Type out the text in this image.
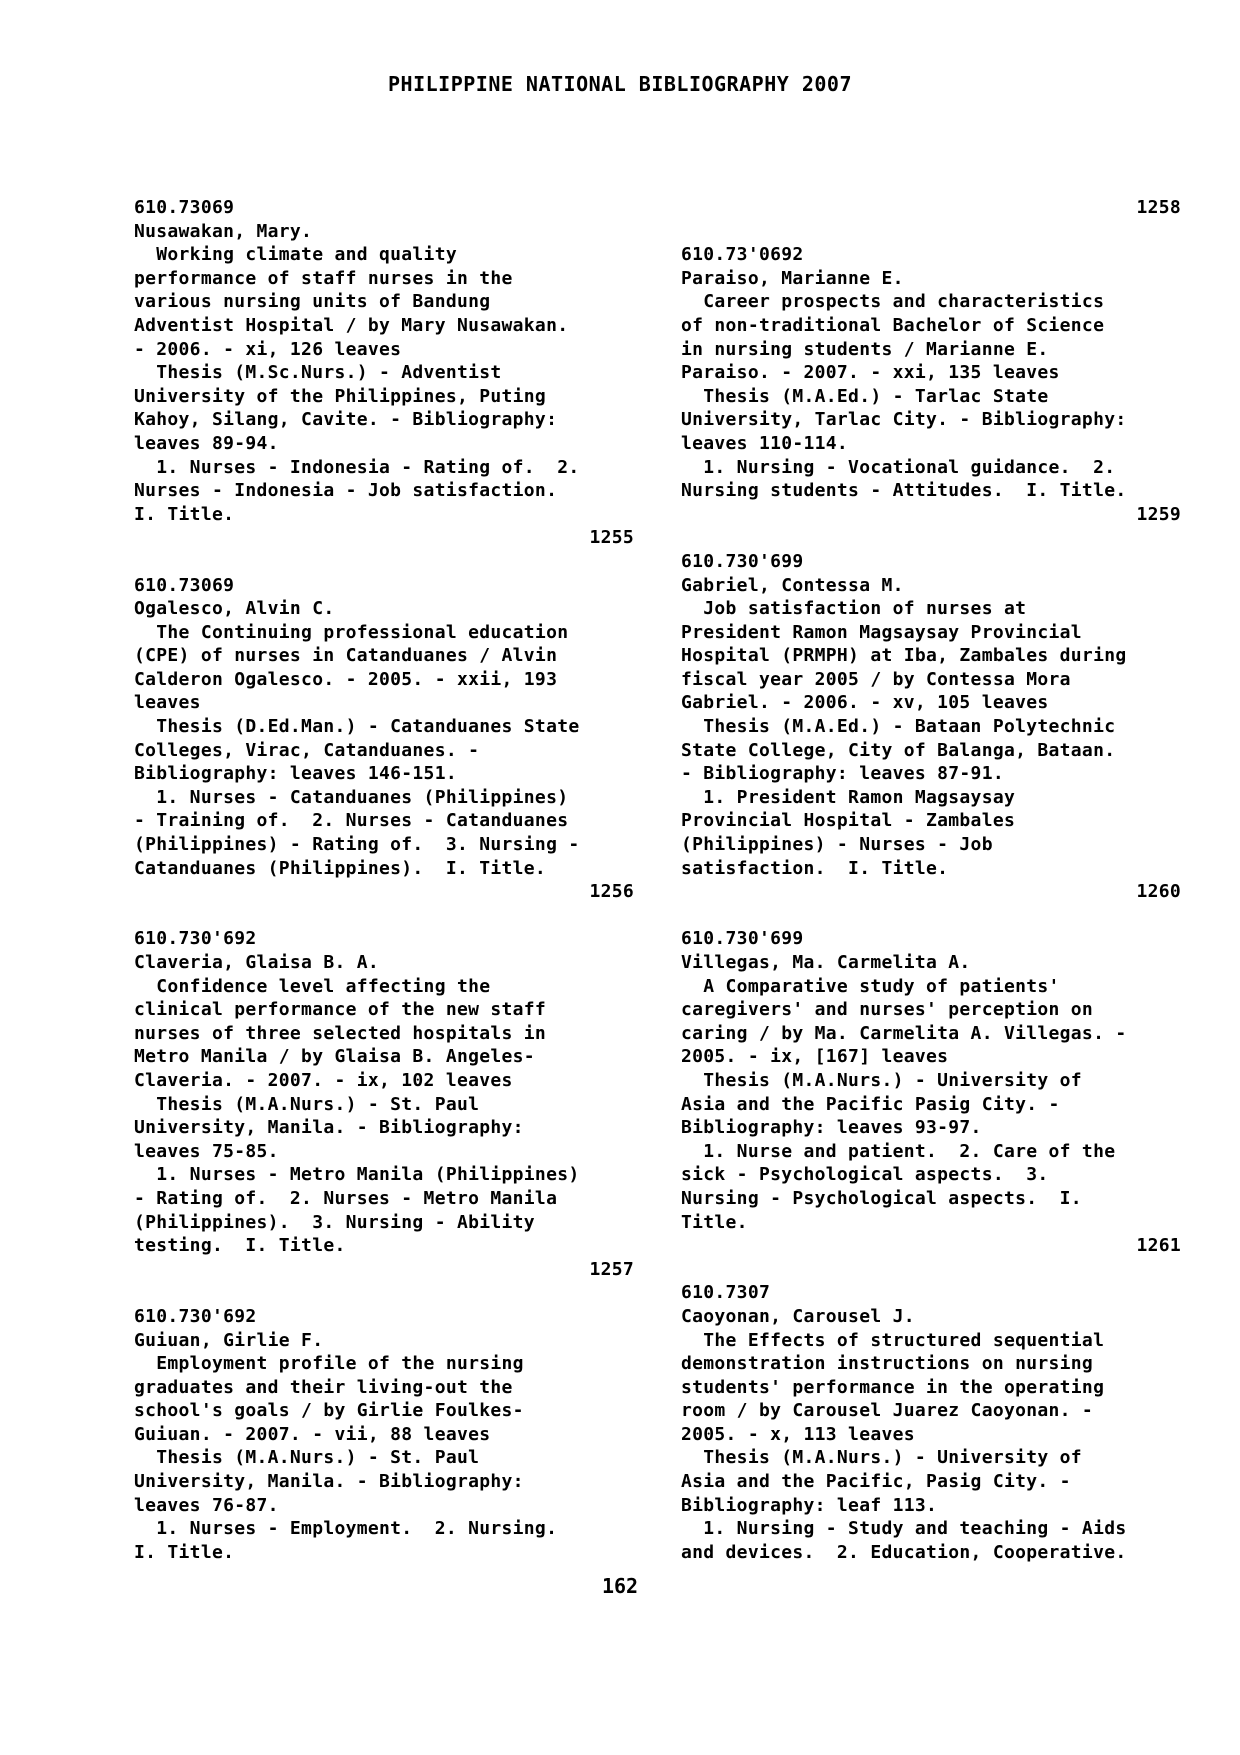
PHILIPPINE NATIONAL BIBLIOGRAPHY 2007
610.73069
Nusawakan, Mary.
Working climate and quality
performance of staff nurses in the
various nursing units of Bandung
Adventist Hospital / by Mary Nusawakan.
- 2006. - xi, 126 leaves
Thesis (M.Sc.Nurs.) - Adventist
University of the Philippines, Puting
Kahoy, Silang, Cavite. - Bibliography:
leaves 89-94.
1. Nurses - Indonesia - Rating of.  2.
Nurses - Indonesia - Job satisfaction.
I. Title.
1255
610.73069
Ogalesco, Alvin C.
The Continuing professional education
(CPE) of nurses in Catanduanes / Alvin
Calderon Ogalesco. - 2005. - xxii, 193
leaves
Thesis (D.Ed.Man.) - Catanduanes State
Colleges, Virac, Catanduanes. -
Bibliography: leaves 146-151.
1. Nurses - Catanduanes (Philippines)
- Training of.  2. Nurses - Catanduanes
(Philippines) - Rating of.  3. Nursing -
Catanduanes (Philippines).  I. Title.
1256
610.730'692
Claveria, Glaisa B. A.
Confidence level affecting the
clinical performance of the new staff
nurses of three selected hospitals in
Metro Manila / by Glaisa B. Angeles-
Claveria. - 2007. - ix, 102 leaves
Thesis (M.A.Nurs.) - St. Paul
University, Manila. - Bibliography:
leaves 75-85.
1. Nurses - Metro Manila (Philippines)
- Rating of.  2. Nurses - Metro Manila
(Philippines).  3. Nursing - Ability
testing.  I. Title.
1257
610.730'692
Guiuan, Girlie F.
Employment profile of the nursing
graduates and their living-out the
school's goals / by Girlie Foulkes-
Guiuan. - 2007. - vii, 88 leaves
Thesis (M.A.Nurs.) - St. Paul
University, Manila. - Bibliography:
leaves 76-87.
1. Nurses - Employment.  2. Nursing.
I. Title.
1258
610.73'0692
Paraiso, Marianne E.
Career prospects and characteristics
of non-traditional Bachelor of Science
in nursing students / Marianne E.
Paraiso. - 2007. - xxi, 135 leaves
Thesis (M.A.Ed.) - Tarlac State
University, Tarlac City. - Bibliography:
leaves 110-114.
1. Nursing - Vocational guidance.  2.
Nursing students - Attitudes.  I. Title.
1259
610.730'699
Gabriel, Contessa M.
Job satisfaction of nurses at
President Ramon Magsaysay Provincial
Hospital (PRMPH) at Iba, Zambales during
fiscal year 2005 / by Contessa Mora
Gabriel. - 2006. - xv, 105 leaves
Thesis (M.A.Ed.) - Bataan Polytechnic
State College, City of Balanga, Bataan.
- Bibliography: leaves 87-91.
1. President Ramon Magsaysay
Provincial Hospital - Zambales
(Philippines) - Nurses - Job
satisfaction.  I. Title.
1260
610.730'699
Villegas, Ma. Carmelita A.
A Comparative study of patients'
caregivers' and nurses' perception on
caring / by Ma. Carmelita A. Villegas. -
2005. - ix, [167] leaves
Thesis (M.A.Nurs.) - University of
Asia and the Pacific Pasig City. -
Bibliography: leaves 93-97.
1. Nurse and patient.  2. Care of the
sick - Psychological aspects.  3.
Nursing - Psychological aspects.  I.
Title.
1261
610.7307
Caoyonan, Carousel J.
The Effects of structured sequential
demonstration instructions on nursing
students' performance in the operating
room / by Carousel Juarez Caoyonan. -
2005. - x, 113 leaves
Thesis (M.A.Nurs.) - University of
Asia and the Pacific, Pasig City. -
Bibliography: leaf 113.
1. Nursing - Study and teaching - Aids
and devices.  2. Education, Cooperative.
162
